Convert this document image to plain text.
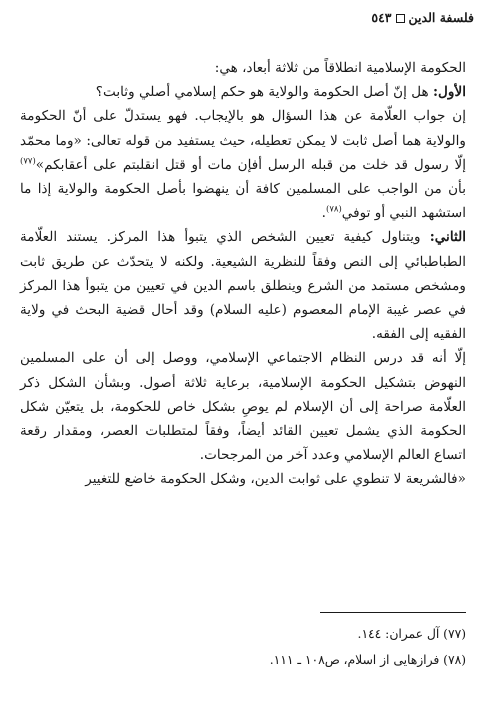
فلسفة الدين٥٤٣

الحكومة الإسلامية انطلاقاً من ثلاثة أبعاد، هي:

الأول: هل إنّ أصل الحكومة والولاية هو حكم إسلامي أصلي وثابت؟

إن جواب العلّامة عن هذا السؤال هو بالإيجاب. فهو يستدلّ على أنّ الحكومة والولاية هما أصل ثابت لا يمكن تعطيله، حيث يستفيد من قوله تعالى: «وما محمّد إلّا رسول قد خلت من قبله الرسل أفإن مات أو قتل انقلبتم على أعقابكم»$^{(٧٧)}$ بأن من الواجب على المسلمين كافة أن ينهضوا بأصل الحكومة والولاية إذا ما استشهد النبي أو توفي$^{(٧٨)}$.

الثاني: ويتناول كيفية تعيين الشخص الذي يتبوأ هذا المركز. يستند العلّامة الطباطبائي إلى النص وفقاً للنظرية الشيعية. ولكنه لا يتحدّث عن طريق ثابت ومشخص مستمد من الشرع وينطلق باسم الدين في تعيين من يتبوأ هذا المركز في عصر غيبة الإمام المعصوم (عليه السلام) وقد أحال قضية البحث في ولاية الفقيه إلى الفقه.

إلّا أنه قد درس النظام الاجتماعي الإسلامي، ووصل إلى أن على المسلمين النهوض بتشكيل الحكومة الإسلامية، برعاية ثلاثة أصول. وبشأن الشكل ذكر العلّامة صراحة إلى أن الإسلام لم يوصِ بشكل خاص للحكومة، بل يتعيّن شكل الحكومة الذي يشمل تعيين القائد أيضاً، وفقاً لمتطلبات العصر، ومقدار رقعة اتساع العالم الإسلامي وعدد آخر من المرجحات.

«فالشريعة لا تنطوي على ثوابت الدين، وشكل الحكومة خاضع للتغيير

(٧٧) آل عمران: ١٤٤.

(٧٨) فرازهايى از اسلام، ص١٠٨ ـ ١١١.
